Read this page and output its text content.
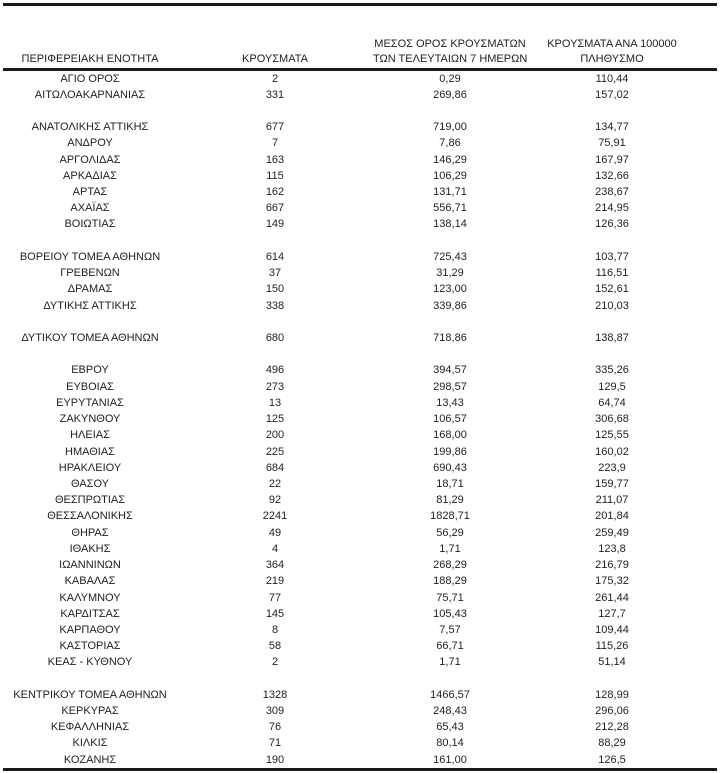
ΠΕΡΙΦΕΡΕΙΑΚΗ ΕΝΟΤΗΤΑ	ΚΡΟΥΣΜΑΤΑ
ΜΕΣΟΣ ΟΡΟΣ ΚΡΟΥΣΜΑΤΩΝ
ΤΩΝ ΤΕΛΕΥΤΑΙΩΝ 7 ΗΜΕΡΩΝ
ΚΡΟΥΣΜΑΤΑ ΑΝΑ 100000
ΠΛΗΘΥΣΜΟ
ΑΓΙΟ ΟΡΟΣ	2	0,29	110,44
ΑΙΤΩΛΟΑΚΑΡΝΑΝΙΑΣ	331	269,86	157,02
ΑΝΑΤΟΛΙΚΗΣ ΑΤΤΙΚΗΣ	677	719,00	134,77
ΑΝΔΡΟΥ	7	7,86	75,91
ΑΡΓΟΛΙΔΑΣ	163	146,29	167,97
ΑΡΚΑΔΙΑΣ	115	106,29	132,66
ΑΡΤΑΣ	162	131,71	238,67
ΑΧΑΪΑΣ	667	556,71	214,95
ΒΟΙΩΤΙΑΣ	149	138,14	126,36
ΒΟΡΕΙΟΥ ΤΟΜΕΑ ΑΘΗΝΩΝ	614	725,43	103,77
ΓΡΕΒΕΝΩΝ	37	31,29	116,51
ΔΡΑΜΑΣ	150	123,00	152,61
ΔΥΤΙΚΗΣ ΑΤΤΙΚΗΣ	338	339,86	210,03
ΔΥΤΙΚΟΥ ΤΟΜΕΑ ΑΘΗΝΩΝ	680	718,86	138,87
ΕΒΡΟΥ	496	394,57	335,26
ΕΥΒΟΙΑΣ	273	298,57	129,5
ΕΥΡΥΤΑΝΙΑΣ	13	13,43	64,74
ΖΑΚΥΝΘΟΥ	125	106,57	306,68
ΗΛΕΙΑΣ	200	168,00	125,55
ΗΜΑΘΙΑΣ	225	199,86	160,02
ΗΡΑΚΛΕΙΟΥ	684	690,43	223,9
ΘΑΣΟΥ	22	18,71	159,77
ΘΕΣΠΡΩΤΙΑΣ	92	81,29	211,07
ΘΕΣΣΑΛΟΝΙΚΗΣ	2241	1828,71	201,84
ΘΗΡΑΣ	49	56,29	259,49
ΙΘΑΚΗΣ	4	1,71	123,8
ΙΩΑΝΝΙΝΩΝ	364	268,29	216,79
ΚΑΒΑΛΑΣ	219	188,29	175,32
ΚΑΛΥΜΝΟΥ	77	75,71	261,44
ΚΑΡΔΙΤΣΑΣ	145	105,43	127,7
ΚΑΡΠΑΘΟΥ	8	7,57	109,44
ΚΑΣΤΟΡΙΑΣ	58	66,71	115,26
ΚΕΑΣ - ΚΥΘΝΟΥ	2	1,71	51,14
ΚΕΝΤΡΙΚΟΥ ΤΟΜΕΑ ΑΘΗΝΩΝ	1328	1466,57	128,99
ΚΕΡΚΥΡΑΣ	309	248,43	296,06
ΚΕΦΑΛΛΗΝΙΑΣ	76	65,43	212,28
ΚΙΛΚΙΣ	71	80,14	88,29
ΚΟΖΑΝΗΣ	190	161,00	126,5
